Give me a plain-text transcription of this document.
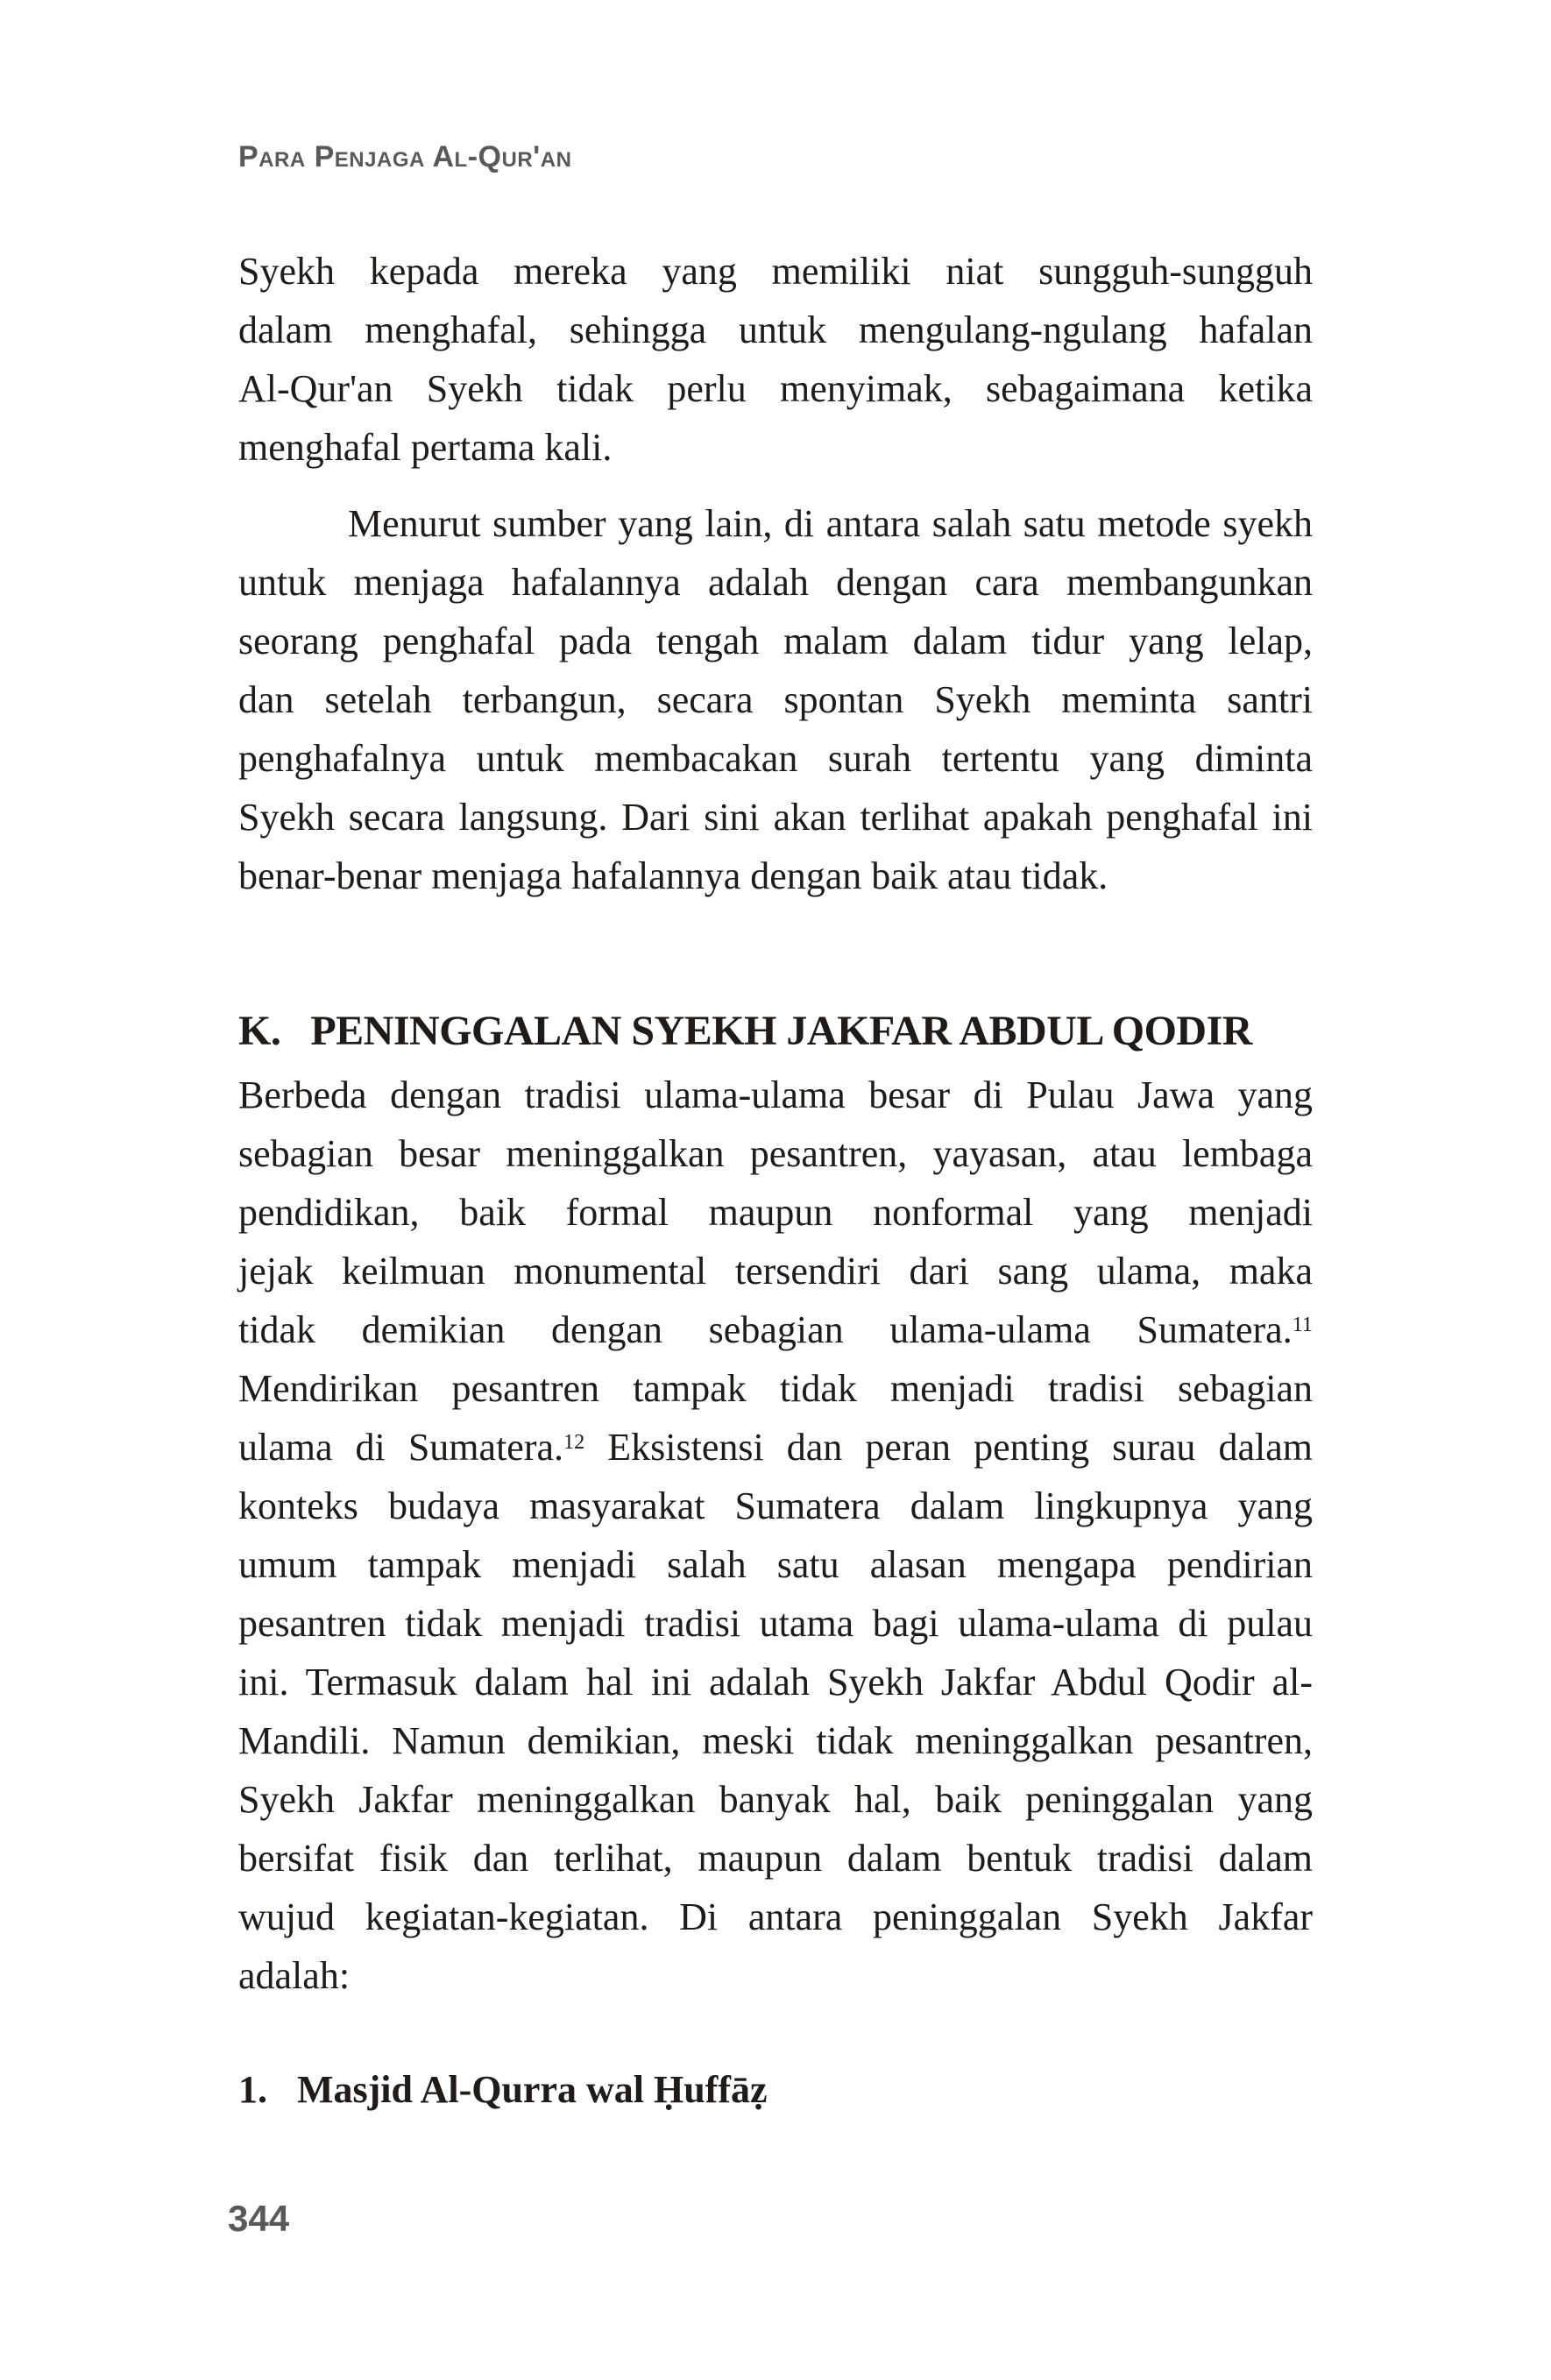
Para Penjaga Al-Qur'an
Syekh kepada mereka yang memiliki niat sungguh-sungguh
dalam menghafal, sehingga untuk mengulang-ngulang hafalan
Al-Qur'an Syekh tidak perlu menyimak, sebagaimana ketika
menghafal pertama kali.
Menurut sumber yang lain, di antara salah satu metode syekh
untuk menjaga hafalannya adalah dengan cara membangunkan
seorang penghafal pada tengah malam dalam tidur yang lelap,
dan setelah terbangun, secara spontan Syekh meminta santri
penghafalnya untuk membacakan surah tertentu yang diminta
Syekh secara langsung. Dari sini akan terlihat apakah penghafal ini
benar-benar menjaga hafalannya dengan baik atau tidak.
K. PENINGGALAN SYEKH JAKFAR ABDUL QODIR
Berbeda dengan tradisi ulama-ulama besar di Pulau Jawa yang
sebagian besar meninggalkan pesantren, yayasan, atau lembaga
pendidikan, baik formal maupun nonformal yang menjadi
jejak keilmuan monumental tersendiri dari sang ulama, maka
tidak demikian dengan sebagian ulama-ulama Sumatera.$^{11}$
Mendirikan pesantren tampak tidak menjadi tradisi sebagian
ulama di Sumatera.$^{12}$ Eksistensi dan peran penting surau dalam
konteks budaya masyarakat Sumatera dalam lingkupnya yang
umum tampak menjadi salah satu alasan mengapa pendirian
pesantren tidak menjadi tradisi utama bagi ulama-ulama di pulau
ini. Termasuk dalam hal ini adalah Syekh Jakfar Abdul Qodir al-
Mandili. Namun demikian, meski tidak meninggalkan pesantren,
Syekh Jakfar meninggalkan banyak hal, baik peninggalan yang
bersifat fisik dan terlihat, maupun dalam bentuk tradisi dalam
wujud kegiatan-kegiatan. Di antara peninggalan Syekh Jakfar
adalah:
1. Masjid Al-Qurra wal Ḥuffāẓ
344
